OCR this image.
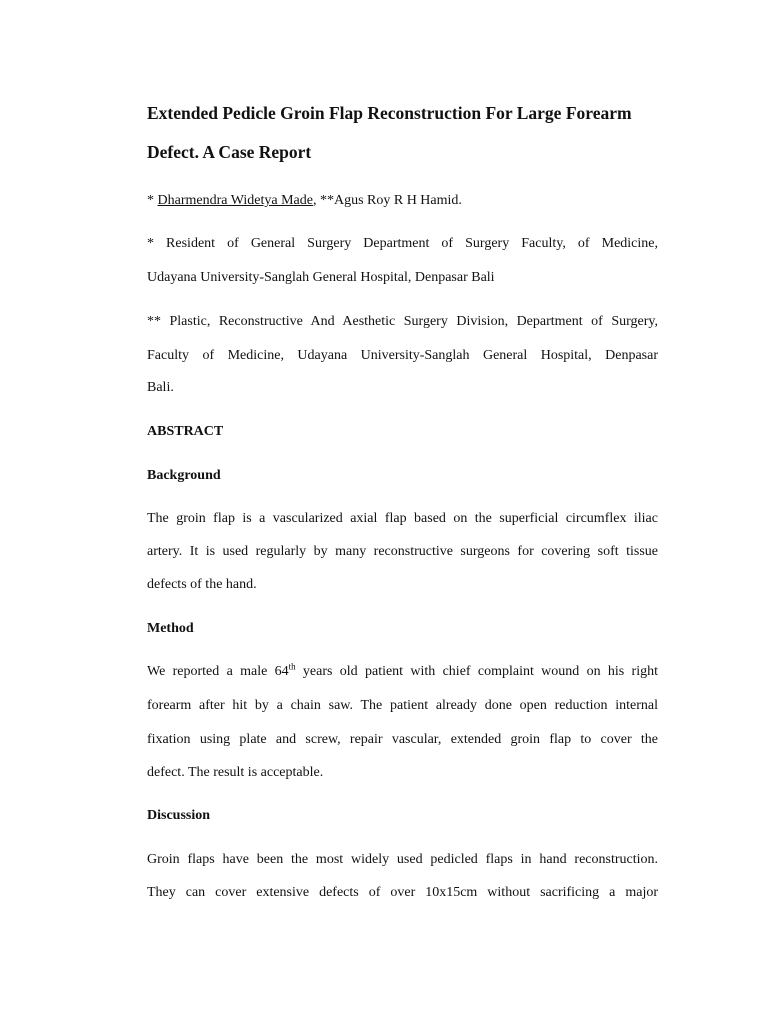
Extended Pedicle Groin Flap Reconstruction For Large Forearm
Defect. A Case Report
* Dharmendra Widetya Made, **Agus Roy R H Hamid.
* Resident of General Surgery Department of Surgery Faculty, of Medicine,
Udayana University-Sanglah General Hospital, Denpasar Bali
** Plastic, Reconstructive And Aesthetic Surgery Division, Department of Surgery,
Faculty of Medicine, Udayana University-Sanglah General Hospital, Denpasar
Bali.
ABSTRACT
Background
The groin flap is a vascularized axial flap based on the superficial circumflex iliac
artery. It is used regularly by many reconstructive surgeons for covering soft tissue
defects of the hand.
Method
We reported a male 64th years old patient with chief complaint wound on his right
forearm after hit by a chain saw. The patient already done open reduction internal
fixation using plate and screw, repair vascular, extended groin flap to cover the
defect. The result is acceptable.
Discussion
Groin flaps have been the most widely used pedicled flaps in hand reconstruction.
They can cover extensive defects of over 10x15cm without sacrificing a major
